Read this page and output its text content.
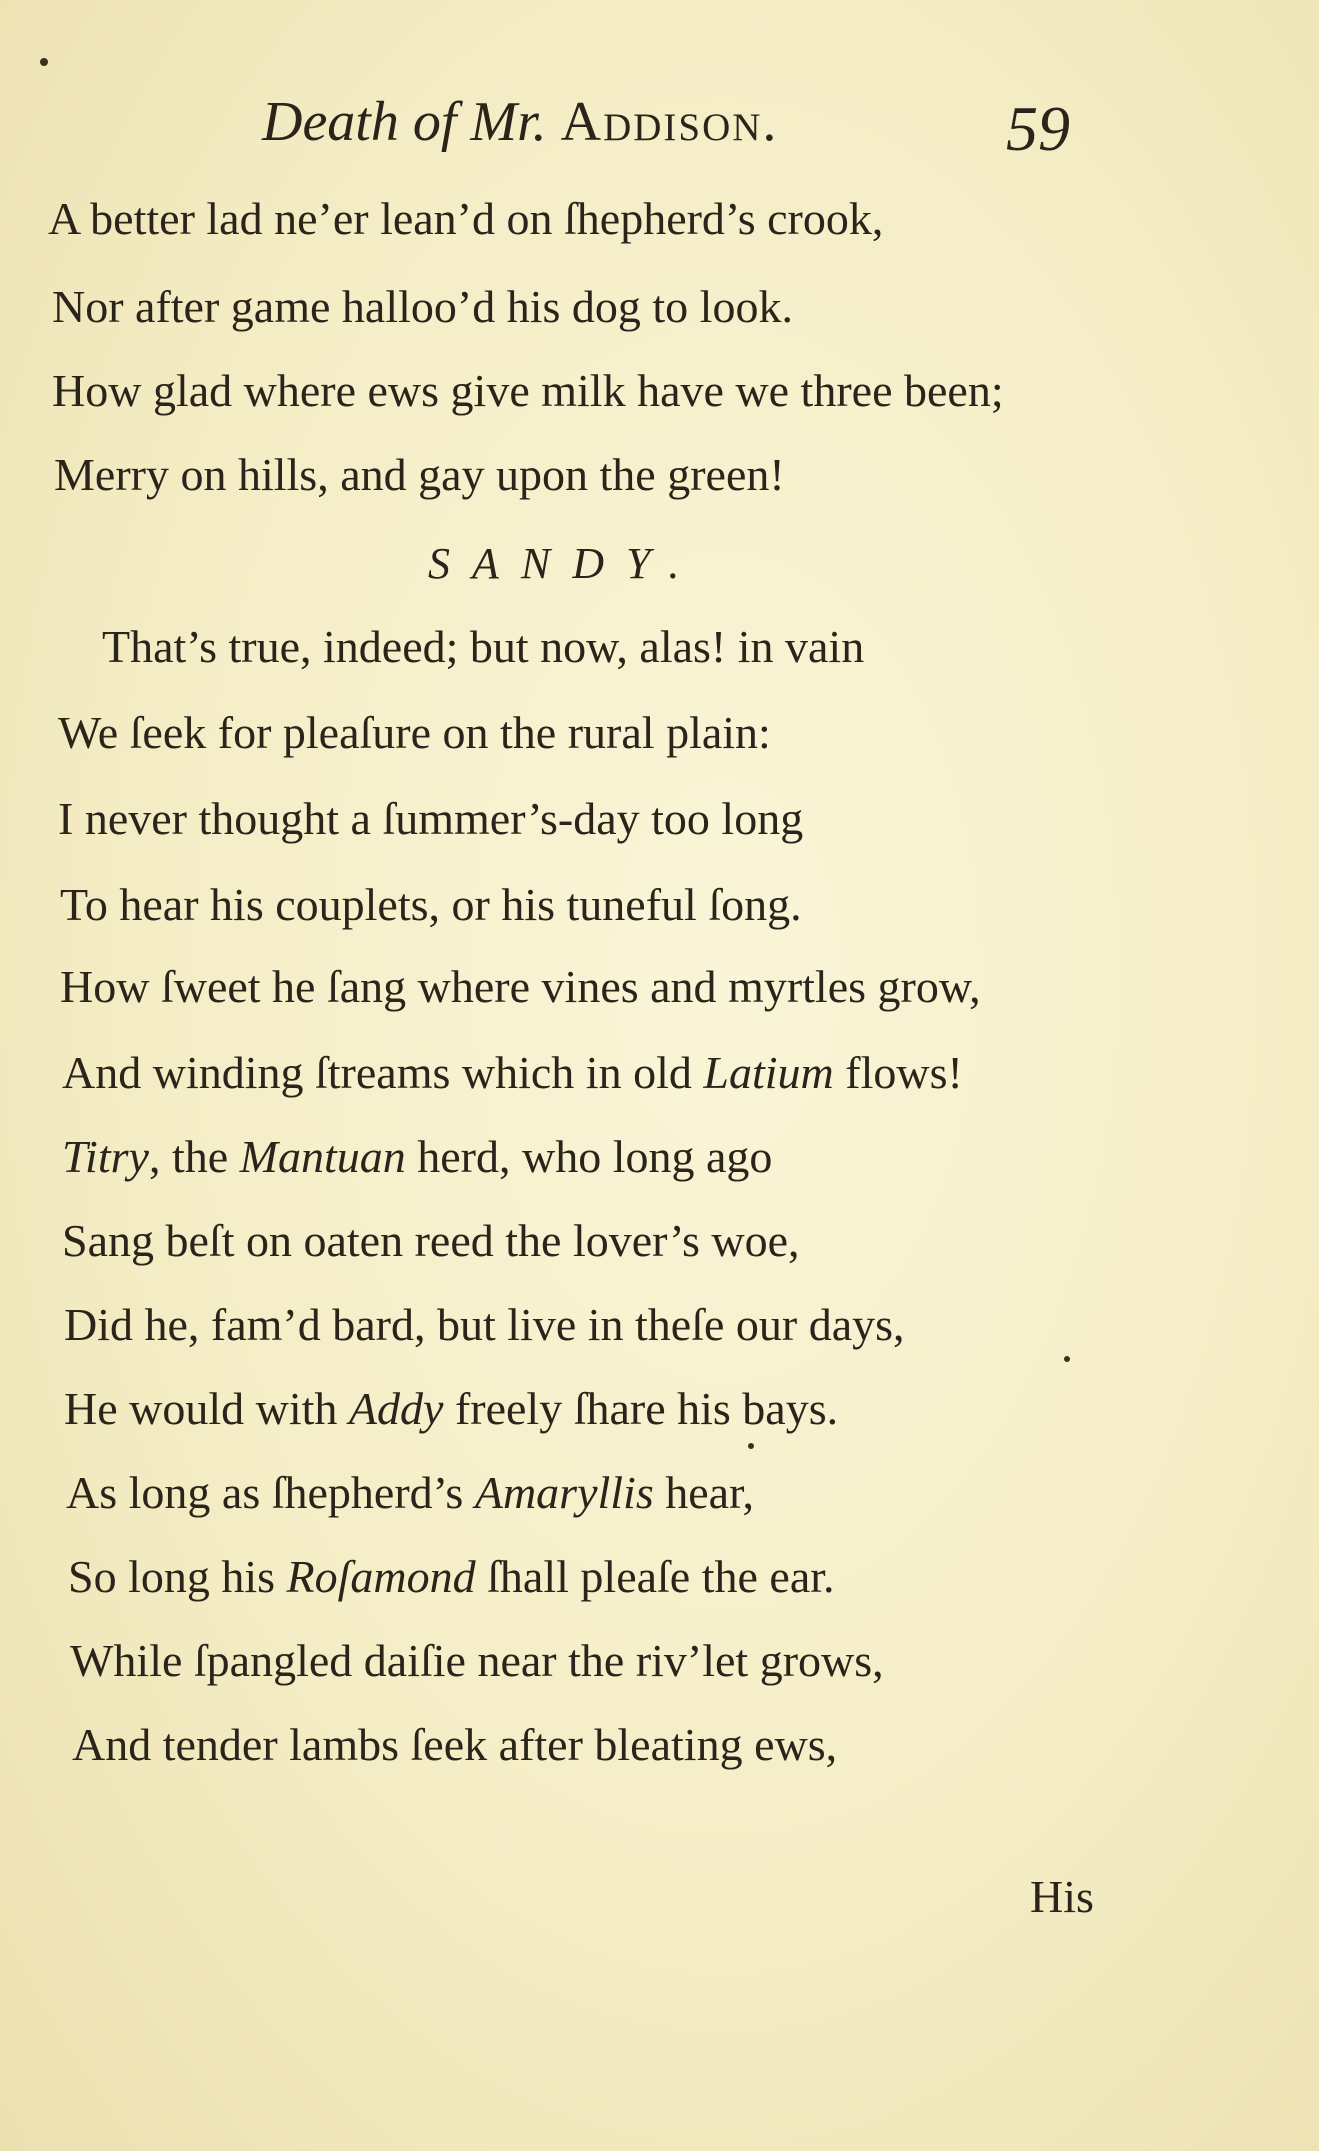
Death of Mr. Addison.	59
A better lad ne’er lean’d on ſhepherd’s crook,
Nor after game halloo’d his dog to look.
How glad where ews give milk have we three been;
Merry on hills, and gay upon the green!
SANDY.
That’s true, indeed; but now, alas! in vain
We ſeek for pleaſure on the rural plain:
I never thought a ſummer’s-day too long
To hear his couplets, or his tuneful ſong.
How ſweet he ſang where vines and myrtles grow,
And winding ſtreams which in old Latium flows!
Titry, the Mantuan herd, who long ago
Sang beſt on oaten reed the lover’s woe,
Did he, fam’d bard, but live in theſe our days,
He would with Addy freely ſhare his bays.
As long as ſhepherd’s Amaryllis hear,
So long his Roſamond ſhall pleaſe the ear.
While ſpangled daiſie near the riv’let grows,
And tender lambs ſeek after bleating ews,
His
